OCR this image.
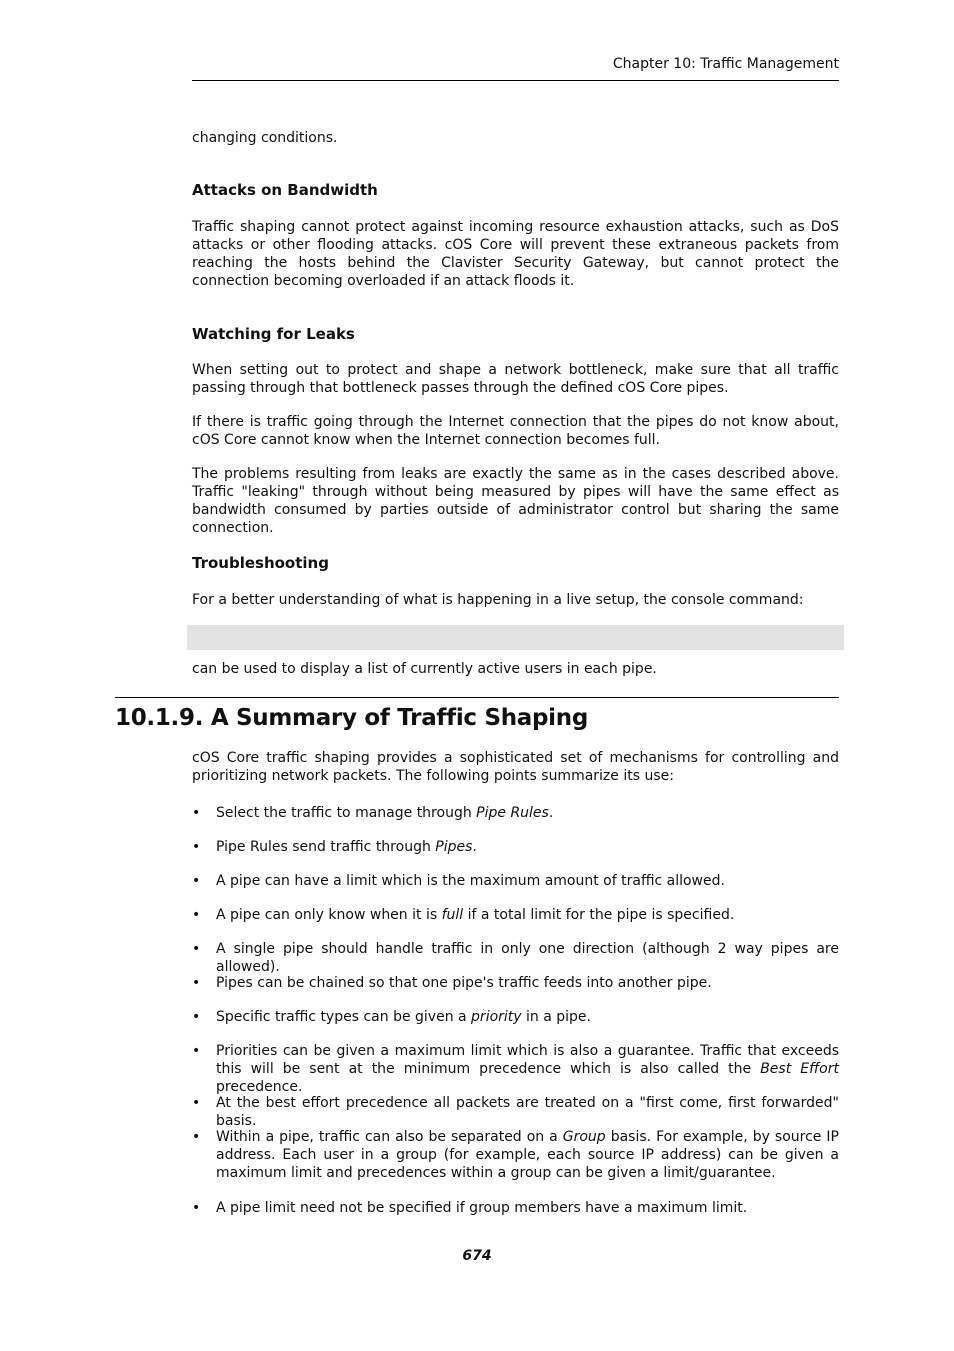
Chapter 10: Traffic Management

changing conditions.

Attacks on Bandwidth

Traffic shaping cannot protect against incoming resource exhaustion attacks, such as DoS attacks or other flooding attacks. cOS Core will prevent these extraneous packets from reaching the hosts behind the Clavister Security Gateway, but cannot protect the connection becoming overloaded if an attack floods it.

Watching for Leaks

When setting out to protect and shape a network bottleneck, make sure that all traffic passing through that bottleneck passes through the defined cOS Core pipes.

If there is traffic going through the Internet connection that the pipes do not know about, cOS Core cannot know when the Internet connection becomes full.

The problems resulting from leaks are exactly the same as in the cases described above. Traffic "leaking" through without being measured by pipes will have the same effect as bandwidth consumed by parties outside of administrator control but sharing the same connection.

Troubleshooting

For a better understanding of what is happening in a live setup, the console command:

can be used to display a list of currently active users in each pipe.

cOS Core traffic shaping provides a sophisticated set of mechanisms for controlling and prioritizing network packets. The following points summarize its use:

10.1.9. A Summary of Traffic Shaping
• Select the traffic to manage through Pipe Rules.
• Pipe Rules send traffic through Pipes.
• A pipe can have a limit which is the maximum amount of traffic allowed.
• A pipe can only know when it is full if a total limit for the pipe is specified.
• A single pipe should handle traffic in only one direction (although 2 way pipes are allowed).
• Pipes can be chained so that one pipe's traffic feeds into another pipe.
• Specific traffic types can be given a priority in a pipe.
• Priorities can be given a maximum limit which is also a guarantee. Traffic that exceeds this will be sent at the minimum precedence which is also called the Best Effort precedence.
• At the best effort precedence all packets are treated on a "first come, first forwarded" basis.
• Within a pipe, traffic can also be separated on a Group basis. For example, by source IP address. Each user in a group (for example, each source IP address) can be given a maximum limit and precedences within a group can be given a limit/guarantee.
• A pipe limit need not be specified if group members have a maximum limit.
674
